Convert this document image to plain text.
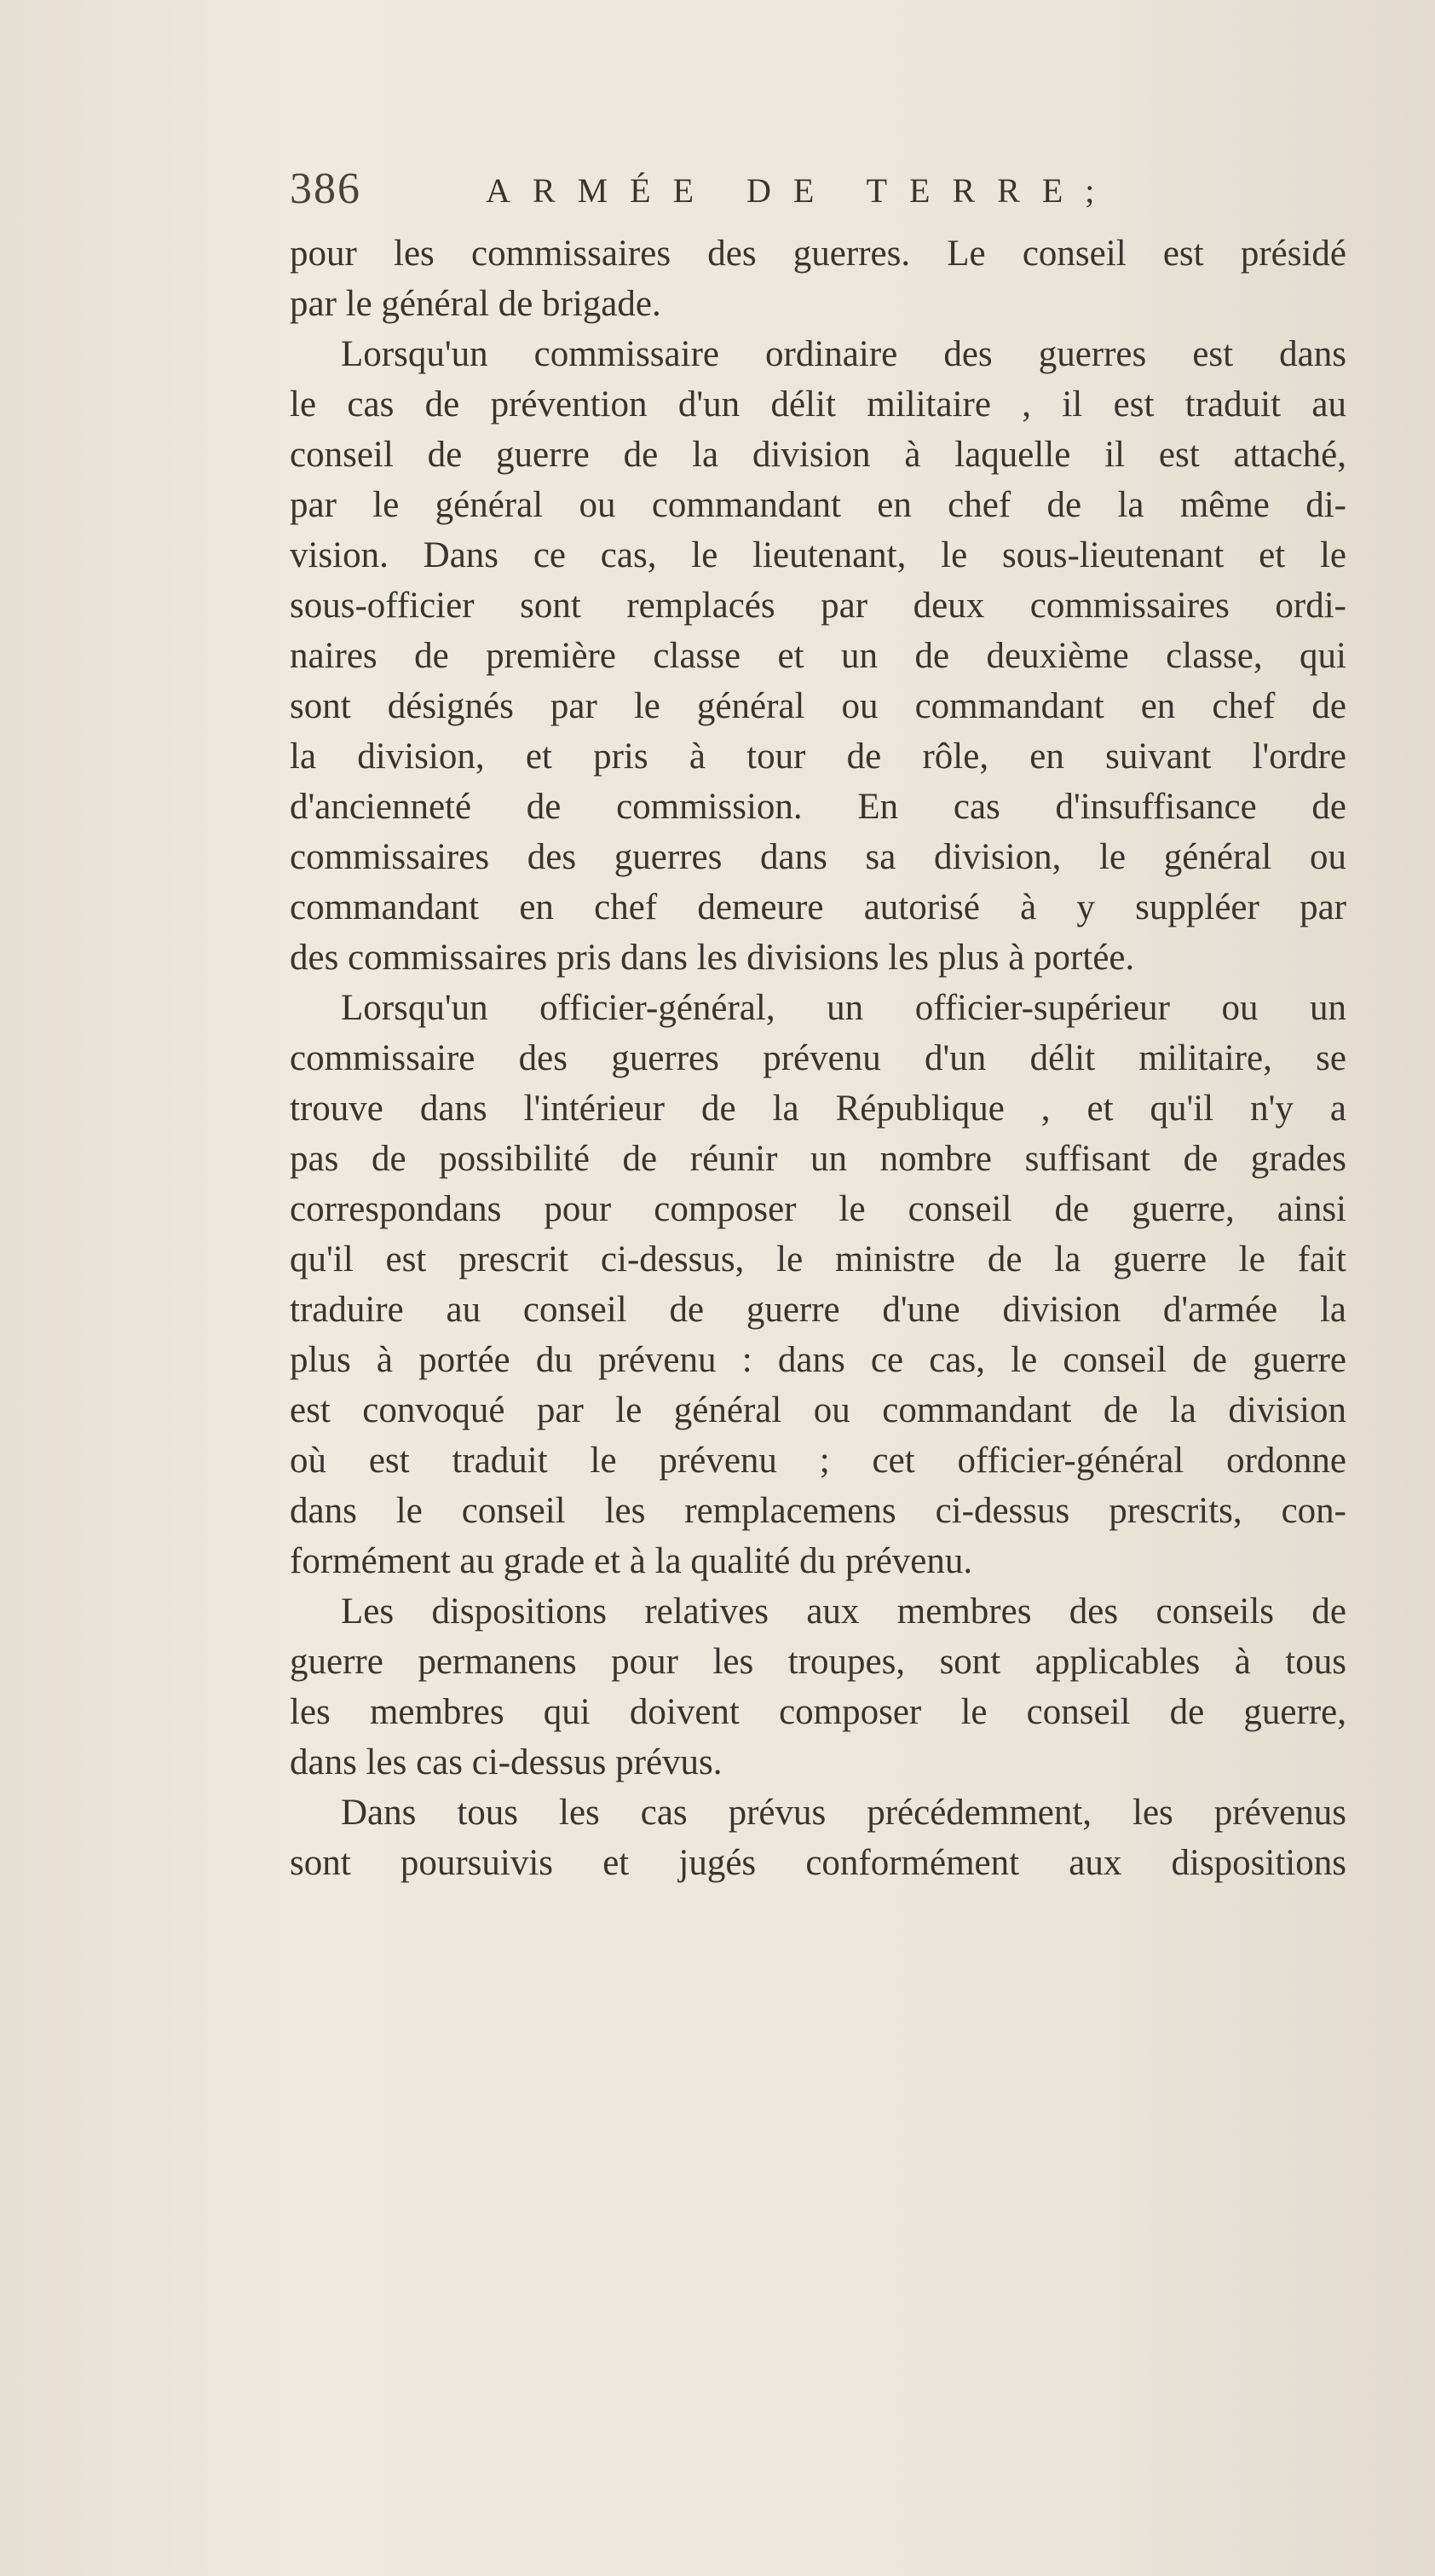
386	ARMÉE DE TERRE;
pour les commissaires des guerres. Le conseil est présidé
par le général de brigade.
Lorsqu'un commissaire ordinaire des guerres est dans
le cas de prévention d'un délit militaire , il est traduit au
conseil de guerre de la division à laquelle il est attaché,
par le général ou commandant en chef de la même di-
vision. Dans ce cas, le lieutenant, le sous-lieutenant et le
sous-officier sont remplacés par deux commissaires ordi-
naires de première classe et un de deuxième classe, qui
sont désignés par le général ou commandant en chef de
la division, et pris à tour de rôle, en suivant l'ordre
d'ancienneté de commission. En cas d'insuffisance de
commissaires des guerres dans sa division, le général ou
commandant en chef demeure autorisé à y suppléer par
des commissaires pris dans les divisions les plus à portée.
Lorsqu'un officier-général, un officier-supérieur ou un
commissaire des guerres prévenu d'un délit militaire, se
trouve dans l'intérieur de la République , et qu'il n'y a
pas de possibilité de réunir un nombre suffisant de grades
correspondans pour composer le conseil de guerre, ainsi
qu'il est prescrit ci-dessus, le ministre de la guerre le fait
traduire au conseil de guerre d'une division d'armée la
plus à portée du prévenu : dans ce cas, le conseil de guerre
est convoqué par le général ou commandant de la division
où est traduit le prévenu ; cet officier-général ordonne
dans le conseil les remplacemens ci-dessus prescrits, con-
formément au grade et à la qualité du prévenu.
Les dispositions relatives aux membres des conseils de
guerre permanens pour les troupes, sont applicables à tous
les membres qui doivent composer le conseil de guerre,
dans les cas ci-dessus prévus.
Dans tous les cas prévus précédemment, les prévenus
sont poursuivis et jugés conformément aux dispositions
